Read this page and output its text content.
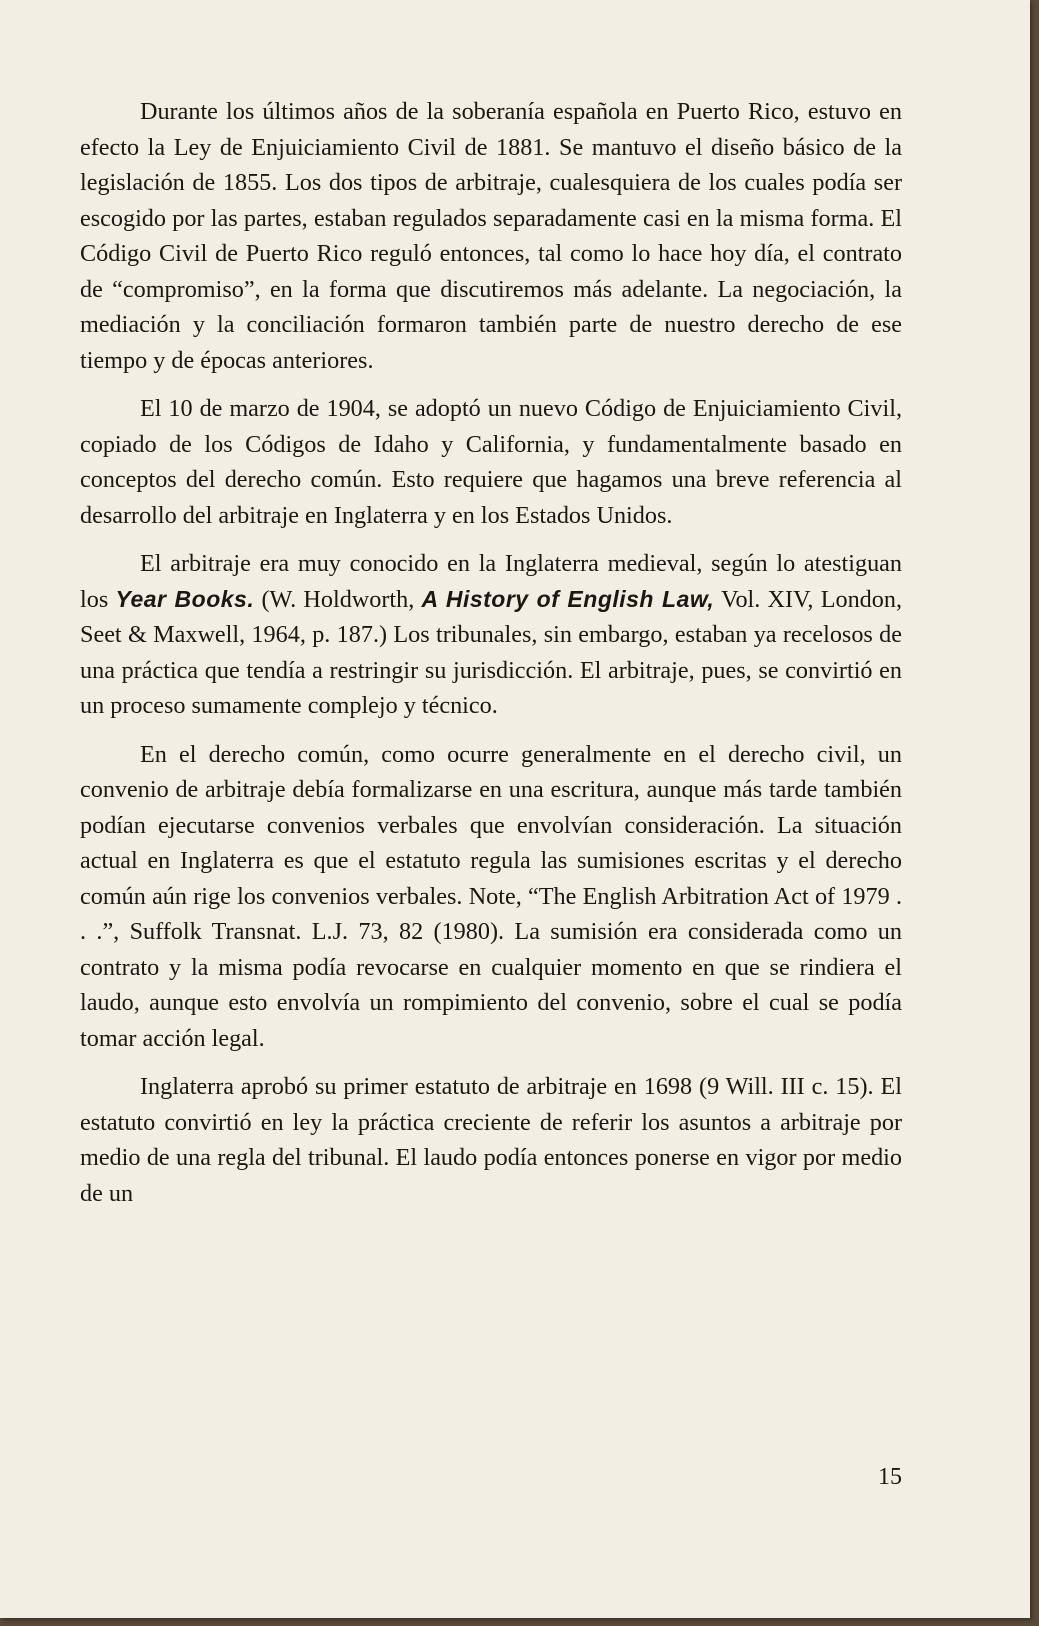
Durante los últimos años de la soberanía española en Puerto Rico, estuvo en efecto la Ley de Enjuiciamiento Civil de 1881. Se mantuvo el diseño básico de la legislación de 1855. Los dos tipos de arbitraje, cualesquiera de los cuales podía ser escogido por las partes, estaban regulados separadamente casi en la misma forma. El Código Civil de Puerto Rico reguló entonces, tal como lo hace hoy día, el contrato de “compromiso”, en la forma que discutiremos más adelante. La negociación, la mediación y la conciliación formaron también parte de nuestro derecho de ese tiempo y de épocas anteriores.

El 10 de marzo de 1904, se adoptó un nuevo Código de Enjuiciamiento Civil, copiado de los Códigos de Idaho y California, y fundamentalmente basado en conceptos del derecho común. Esto requiere que hagamos una breve referencia al desarrollo del arbitraje en Inglaterra y en los Estados Unidos.

El arbitraje era muy conocido en la Inglaterra medieval, según lo atestiguan los Year Books. (W. Holdworth, A History of English Law, Vol. XIV, London, Seet & Maxwell, 1964, p. 187.) Los tribunales, sin embargo, estaban ya recelosos de una práctica que tendía a restringir su jurisdicción. El arbitraje, pues, se convirtió en un proceso sumamente complejo y técnico.

En el derecho común, como ocurre generalmente en el derecho civil, un convenio de arbitraje debía formalizarse en una escritura, aunque más tarde también podían ejecutarse convenios verbales que envolvían consideración. La situación actual en Inglaterra es que el estatuto regula las sumisiones escritas y el derecho común aún rige los convenios verbales. Note, “The English Arbitration Act of 1979 . . .”, Suffolk Transnat. L.J. 73, 82 (1980). La sumisión era considerada como un contrato y la misma podía revocarse en cualquier momento en que se rindiera el laudo, aunque esto envolvía un rompimiento del convenio, sobre el cual se podía tomar acción legal.

Inglaterra aprobó su primer estatuto de arbitraje en 1698 (9 Will. III c. 15). El estatuto convirtió en ley la práctica creciente de referir los asuntos a arbitraje por medio de una regla del tribunal. El laudo podía entonces ponerse en vigor por medio de un

15
